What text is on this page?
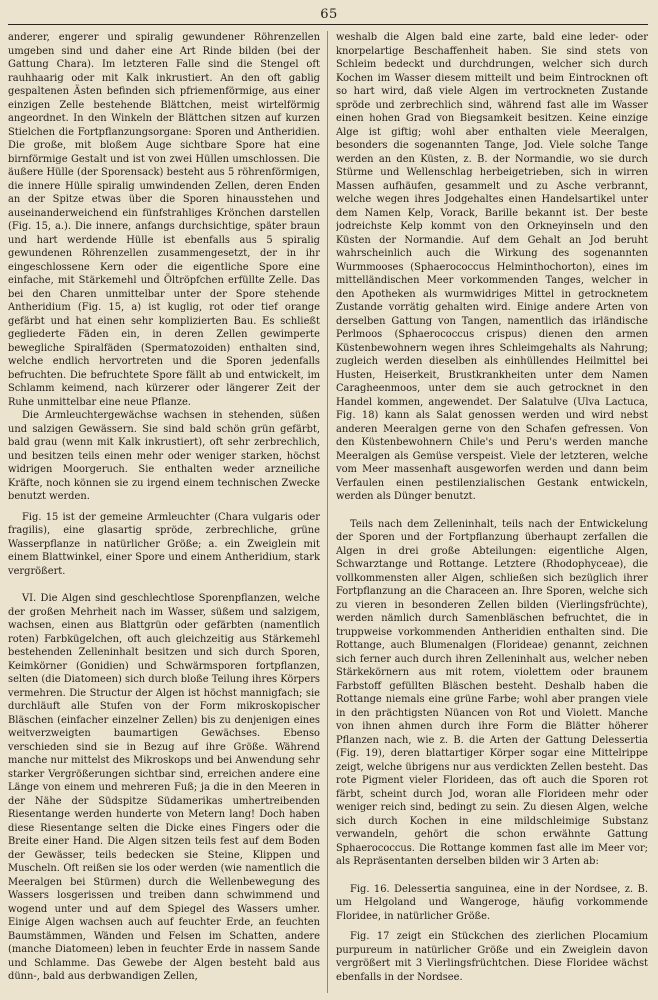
65

anderer, engerer und spiralig gewundener Röhrenzellen umgeben sind und daher eine Art Rinde bilden (bei der Gattung Chara). Im letzteren Falle sind die Stengel oft rauhhaarig oder mit Kalk inkrustiert. An den oft gablig gespaltenen Ästen befinden sich pfriemenförmige, aus einer einzigen Zelle bestehende Blättchen, meist wirtelförmig angeordnet. In den Winkeln der Blättchen sitzen auf kurzen Stielchen die Fortpflanzungsorgane: Sporen und Antheridien. Die große, mit bloßem Auge sichtbare Spore hat eine birnförmige Gestalt und ist von zwei Hüllen umschlossen. Die äußere Hülle (der Sporensack) besteht aus 5 röhrenförmigen, die innere Hülle spiralig umwindenden Zellen, deren Enden an der Spitze etwas über die Sporen hinausstehen und auseinanderweichend ein fünfstrahliges Krönchen darstellen (Fig. 15, a.). Die innere, anfangs durchsichtige, später braun und hart werdende Hülle ist ebenfalls aus 5 spiralig gewundenen Röhrenzellen zusammengesetzt, der in ihr eingeschlossene Kern oder die eigentliche Spore eine einfache, mit Stärkemehl und Öltröpfchen erfüllte Zelle. Das bei den Charen unmittelbar unter der Spore stehende Antheridium (Fig. 15, a) ist kuglig, rot oder tief orange gefärbt und hat einen sehr komplizierten Bau. Es schließt gegliederte Fäden ein, in deren Zellen gewimperte bewegliche Spiralfäden (Spermatozoiden) enthalten sind, welche endlich hervortreten und die Sporen jedenfalls befruchten. Die befruchtete Spore fällt ab und entwickelt, im Schlamm keimend, nach kürzerer oder längerer Zeit der Ruhe unmittelbar eine neue Pflanze.

Die Armleuchtergewächse wachsen in stehenden, süßen und salzigen Gewässern. Sie sind bald schön grün gefärbt, bald grau (wenn mit Kalk inkrustiert), oft sehr zerbrechlich, und besitzen teils einen mehr oder weniger starken, höchst widrigen Moorgeruch. Sie enthalten weder arzneiliche Kräfte, noch können sie zu irgend einem technischen Zwecke benutzt werden.

Fig. 15 ist der gemeine Armleuchter (Chara vulgaris oder fragilis), eine glasartig spröde, zerbrechliche, grüne Wasserpflanze in natürlicher Größe; a. ein Zweiglein mit einem Blattwinkel, einer Spore und einem Antheridium, stark vergrößert.

VI. Die Algen sind geschlechtlose Sporenpflanzen, welche der großen Mehrheit nach im Wasser, süßem und salzigem, wachsen, einen aus Blattgrün oder gefärbten (namentlich roten) Farbkügelchen, oft auch gleichzeitig aus Stärkemehl bestehenden Zelleninhalt besitzen und sich durch Sporen, Keimkörner (Gonidien) und Schwärmsporen fortpflanzen, selten (die Diatomeen) sich durch bloße Teilung ihres Körpers vermehren. Die Structur der Algen ist höchst mannigfach; sie durchläuft alle Stufen von der Form mikroskopischer Bläschen (einfacher einzelner Zellen) bis zu denjenigen eines weitverzweigten baumartigen Gewächses. Ebenso verschieden sind sie in Bezug auf ihre Größe. Während manche nur mittelst des Mikroskops und bei Anwendung sehr starker Vergrößerungen sichtbar sind, erreichen andere eine Länge von einem und mehreren Fuß; ja die in den Meeren in der Nähe der Südspitze Südamerikas umhertreibenden Riesentange werden hunderte von Metern lang! Doch haben diese Riesentange selten die Dicke eines Fingers oder die Breite einer Hand. Die Algen sitzen teils fest auf dem Boden der Gewässer, teils bedecken sie Steine, Klippen und Muscheln. Oft reißen sie los oder werden (wie namentlich die Meeralgen bei Stürmen) durch die Wellenbewegung des Wassers losgerissen und treiben dann schwimmend und wogend unter und auf dem Spiegel des Wassers umher. Einige Algen wachsen auch auf feuchter Erde, an feuchten Baumstämmen, Wänden und Felsen im Schatten, andere (manche Diatomeen) leben in feuchter Erde in nassem Sande und Schlamme. Das Gewebe der Algen besteht bald aus dünn-, bald aus derbwandigen Zellen,

weshalb die Algen bald eine zarte, bald eine leder- oder knorpelartige Beschaffenheit haben. Sie sind stets von Schleim bedeckt und durchdrungen, welcher sich durch Kochen im Wasser diesem mitteilt und beim Eintrocknen oft so hart wird, daß viele Algen im vertrockneten Zustande spröde und zerbrechlich sind, während fast alle im Wasser einen hohen Grad von Biegsamkeit besitzen. Keine einzige Alge ist giftig; wohl aber enthalten viele Meeralgen, besonders die sogenannten Tange, Jod. Viele solche Tange werden an den Küsten, z. B. der Normandie, wo sie durch Stürme und Wellenschlag herbeigetrieben, sich in wirren Massen aufhäufen, gesammelt und zu Asche verbrannt, welche wegen ihres Jodgehaltes einen Handelsartikel unter dem Namen Kelp, Vorack, Barille bekannt ist. Der beste jodreichste Kelp kommt von den Orkneyinseln und den Küsten der Normandie. Auf dem Gehalt an Jod beruht wahrscheinlich auch die Wirkung des sogenannten Wurmmooses (Sphaerococcus Helminthochorton), eines im mittelländischen Meer vorkommenden Tanges, welcher in den Apotheken als wurmwidriges Mittel in getrocknetem Zustande vorrätig gehalten wird. Einige andere Arten von derselben Gattung von Tangen, namentlich das irländische Perlmoos (Sphaerococcus crispus) dienen den armen Küstenbewohnern wegen ihres Schleimgehalts als Nahrung; zugleich werden dieselben als einhüllendes Heilmittel bei Husten, Heiserkeit, Brustkrankheiten unter dem Namen Caragheenmoos, unter dem sie auch getrocknet in den Handel kommen, angewendet. Der Salatulve (Ulva Lactuca, Fig. 18) kann als Salat genossen werden und wird nebst anderen Meeralgen gerne von den Schafen gefressen. Von den Küstenbewohnern Chile's und Peru's werden manche Meeralgen als Gemüse verspeist. Viele der letzteren, welche vom Meer massenhaft ausgeworfen werden und dann beim Verfaulen einen pestilenzialischen Gestank entwickeln, werden als Dünger benutzt.

Teils nach dem Zelleninhalt, teils nach der Entwickelung der Sporen und der Fortpflanzung überhaupt zerfallen die Algen in drei große Abteilungen: eigentliche Algen, Schwarztange und Rottange. Letztere (Rhodophyceae), die vollkommensten aller Algen, schließen sich bezüglich ihrer Fortpflanzung an die Characeen an. Ihre Sporen, welche sich zu vieren in besonderen Zellen bilden (Vierlingsfrüchte), werden nämlich durch Samenbläschen befruchtet, die in truppweise vorkommenden Antheridien enthalten sind. Die Rottange, auch Blumenalgen (Florideae) genannt, zeichnen sich ferner auch durch ihren Zelleninhalt aus, welcher neben Stärkekörnern aus mit rotem, violettem oder braunem Farbstoff gefüllten Bläschen besteht. Deshalb haben die Rottange niemals eine grüne Farbe; wohl aber prangen viele in den prächtigsten Nüancen von Rot und Violett. Manche von ihnen ahmen durch ihre Form die Blätter höherer Pflanzen nach, wie z. B. die Arten der Gattung Delessertia (Fig. 19), deren blattartiger Körper sogar eine Mittelrippe zeigt, welche übrigens nur aus verdickten Zellen besteht. Das rote Pigment vieler Florideen, das oft auch die Sporen rot färbt, scheint durch Jod, woran alle Florideen mehr oder weniger reich sind, bedingt zu sein. Zu diesen Algen, welche sich durch Kochen in eine mildschleimige Substanz verwandeln, gehört die schon erwähnte Gattung Sphaerococcus. Die Rottange kommen fast alle im Meer vor; als Repräsentanten derselben bilden wir 3 Arten ab:

Fig. 16. Delessertia sanguinea, eine in der Nordsee, z. B. um Helgoland und Wangeroge, häufig vorkommende Floridee, in natürlicher Größe.

Fig. 17 zeigt ein Stückchen des zierlichen Plocamium purpureum in natürlicher Größe und ein Zweiglein davon vergrößert mit 3 Vierlingsfrüchtchen. Diese Floridee wächst ebenfalls in der Nordsee.
